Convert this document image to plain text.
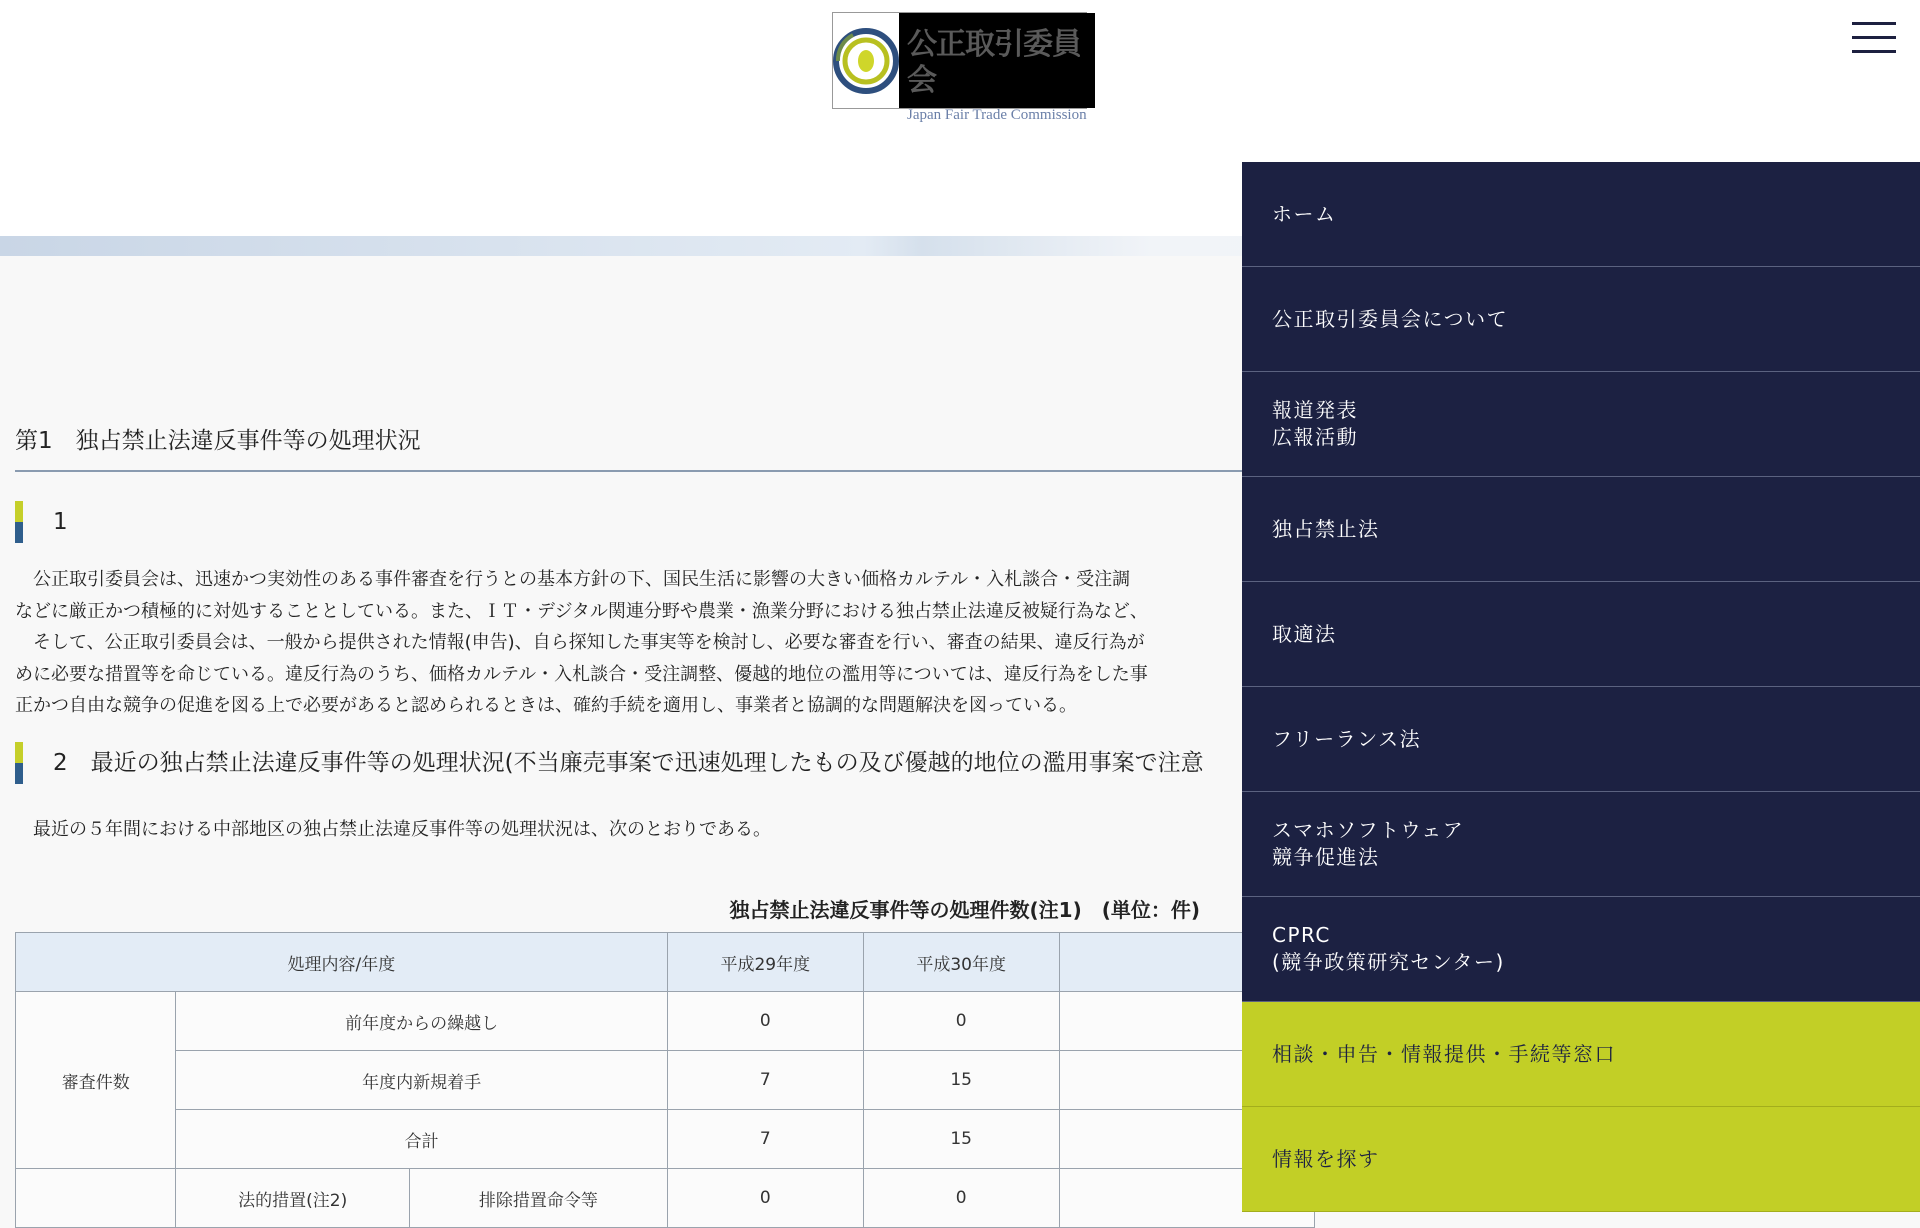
公正取引委員会
Japan Fair Trade Commission
第1　独占禁止法違反事件等の処理状況
1
　公正取引委員会は、迅速かつ実効性のある事件審査を行うとの基本方針の下、国民生活に影響の大きい価格カルテル・入札談合・受注調
などに厳正かつ積極的に対処することとしている。また、ＩＴ・デジタル関連分野や農業・漁業分野における独占禁止法違反被疑行為など、
　そして、公正取引委員会は、一般から提供された情報(申告)、自ら探知した事実等を検討し、必要な審査を行い、審査の結果、違反行為が
めに必要な措置等を命じている。違反行為のうち、価格カルテル・入札談合・受注調整、優越的地位の濫用等については、違反行為をした事
正かつ自由な競争の促進を図る上で必要があると認められるときは、確約手続を適用し、事業者と協調的な問題解決を図っている。
2　最近の独占禁止法違反事件等の処理状況(不当廉売事案で迅速処理したもの及び優越的地位の濫用事案で注意
　最近の５年間における中部地区の独占禁止法違反事件等の処理状況は、次のとおりである。
独占禁止法違反事件等の処理件数(注1)　(単位：件)
処理内容/年度			平成29年度	平成30年度	
審査件数	前年度からの繰越し		0	0	
	年度内新規着手		7	15	
	合計		7	15	
	法的措置(注2)	排除措置命令等	0	0	
ホーム
公正取引委員会について
報道発表
広報活動
独占禁止法
取適法
フリーランス法
スマホソフトウェア
競争促進法
CPRC
(競争政策研究センター)
相談・申告・情報提供・手続等窓口
情報を探す
